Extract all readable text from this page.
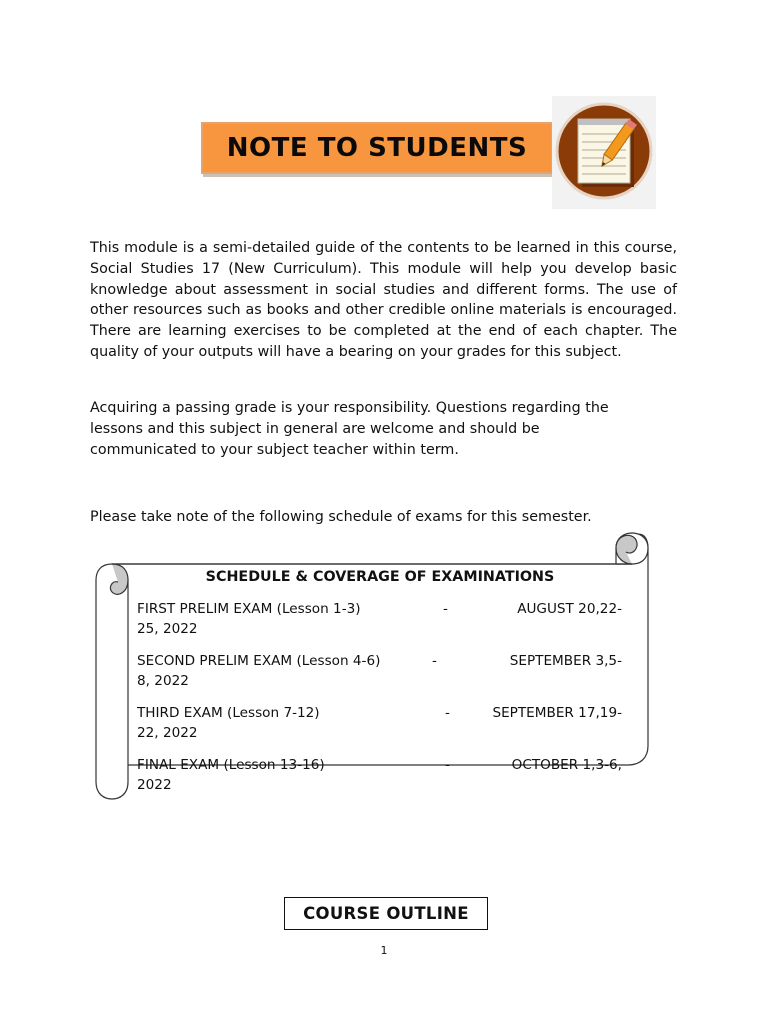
NOTE TO STUDENTS

This module is a semi-detailed guide of the contents to be learned in this course, Social Studies 17 (New Curriculum). This module will help you develop basic knowledge about assessment in social studies and different forms. The use of other resources such as books and other credible online materials is encouraged. There are learning exercises to be completed at the end of each chapter. The quality of your outputs will have a bearing on your grades for this subject.

Acquiring a passing grade is your responsibility. Questions regarding the lessons and this subject in general are welcome and should be communicated to your subject teacher within term.

Please take note of the following schedule of exams for this semester.

SCHEDULE & COVERAGE OF EXAMINATIONS
FIRST PRELIM EXAM (Lesson 1-3)	-	AUGUST 20,22-
25, 2022
SECOND PRELIM EXAM (Lesson 4-6)	-	SEPTEMBER 3,5-
8, 2022
THIRD EXAM (Lesson 7-12)	-	SEPTEMBER 17,19-
22, 2022
FINAL EXAM (Lesson 13-16)	-	OCTOBER 1,3-6,
2022
COURSE OUTLINE
1
